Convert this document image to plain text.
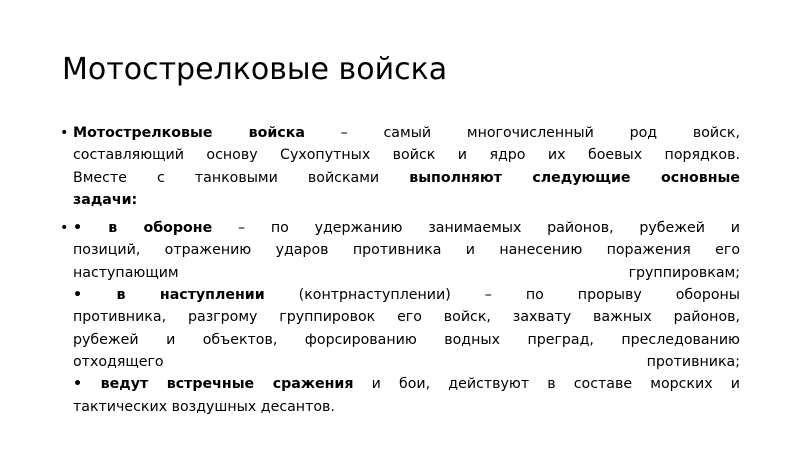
Мотострелковые войска
• Мотострелковые войска – самый многочисленный род войск,
составляющий основу Сухопутных войск и ядро их боевых порядков.
Вместе с танковыми войсками выполняют следующие основные
задачи:
• • в обороне – по удержанию занимаемых районов, рубежей и
позиций, отражению ударов противника и нанесению поражения его
наступающим группировкам;
• в наступлении (контрнаступлении) – по прорыву обороны
противника, разгрому группировок его войск, захвату важных районов,
рубежей и объектов, форсированию водных преград, преследованию
отходящего противника;
• ведут встречные сражения и бои, действуют в составе морских и
тактических воздушных десантов.
